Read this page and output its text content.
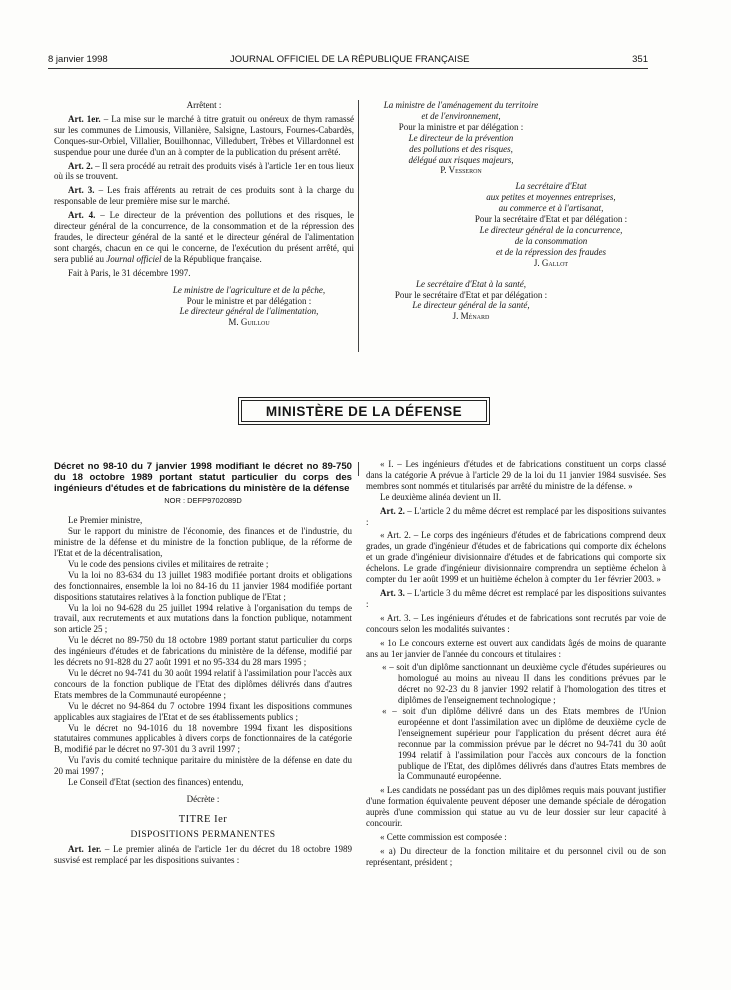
8 janvier 1998	JOURNAL OFFICIEL DE LA RÉPUBLIQUE FRANÇAISE	351

Arrêtent :

Art. 1er. – La mise sur le marché à titre gratuit ou onéreux de thym ramassé sur les communes de Limousis, Villanière, Salsigne, Lastours, Fournes-Cabardès, Conques-sur-Orbiel, Villalier, Bouilhonnac, Villedubert, Trèbes et Villardonnel est suspendue pour une durée d'un an à compter de la publication du présent arrêté.

Art. 2. – Il sera procédé au retrait des produits visés à l'article 1er en tous lieux où ils se trouvent.

Art. 3. – Les frais afférents au retrait de ces produits sont à la charge du responsable de leur première mise sur le marché.

Art. 4. – Le directeur de la prévention des pollutions et des risques, le directeur général de la concurrence, de la consommation et de la répression des fraudes, le directeur général de la santé et le directeur général de l'alimentation sont chargés, chacun en ce qui le concerne, de l'exécution du présent arrêté, qui sera publié au Journal officiel de la République française.

Fait à Paris, le 31 décembre 1997.

Le ministre de l'agriculture et de la pêche,

Pour le ministre et par délégation :

Le directeur général de l'alimentation,

M. Guillou

La ministre de l'aménagement du territoire

et de l'environnement,

Pour la ministre et par délégation :

Le directeur de la prévention

des pollutions et des risques,

délégué aux risques majeurs,

P. Vesseron

La secrétaire d'Etat

aux petites et moyennes entreprises,

au commerce et à l'artisanat,

Pour la secrétaire d'Etat et par délégation :

Le directeur général de la concurrence,

de la consommation

et de la répression des fraudes

J. Gallot

Le secrétaire d'Etat à la santé,

Pour le secrétaire d'Etat et par délégation :

Le directeur général de la santé,

J. Ménard

MINISTÈRE DE LA DÉFENSE

Décret no 98-10 du 7 janvier 1998 modifiant le décret no 89-750 du 18 octobre 1989 portant statut particulier du corps des ingénieurs d'études et de fabrications du ministère de la défense

NOR : DEFP9702089D

Le Premier ministre,

Sur le rapport du ministre de l'économie, des finances et de l'industrie, du ministre de la défense et du ministre de la fonction publique, de la réforme de l'Etat et de la décentralisation,

Vu le code des pensions civiles et militaires de retraite ;

Vu la loi no 83-634 du 13 juillet 1983 modifiée portant droits et obligations des fonctionnaires, ensemble la loi no 84-16 du 11 janvier 1984 modifiée portant dispositions statutaires relatives à la fonction publique de l'Etat ;

Vu la loi no 94-628 du 25 juillet 1994 relative à l'organisation du temps de travail, aux recrutements et aux mutations dans la fonction publique, notamment son article 25 ;

Vu le décret no 89-750 du 18 octobre 1989 portant statut particulier du corps des ingénieurs d'études et de fabrications du ministère de la défense, modifié par les décrets no 91-828 du 27 août 1991 et no 95-334 du 28 mars 1995 ;

Vu le décret no 94-741 du 30 août 1994 relatif à l'assimilation pour l'accès aux concours de la fonction publique de l'Etat des diplômes délivrés dans d'autres Etats membres de la Communauté européenne ;

Vu le décret no 94-864 du 7 octobre 1994 fixant les dispositions communes applicables aux stagiaires de l'Etat et de ses établissements publics ;

Vu le décret no 94-1016 du 18 novembre 1994 fixant les dispositions statutaires communes applicables à divers corps de fonctionnaires de la catégorie B, modifié par le décret no 97-301 du 3 avril 1997 ;

Vu l'avis du comité technique paritaire du ministère de la défense en date du 20 mai 1997 ;

Le Conseil d'Etat (section des finances) entendu,

Décrète :

TITRE Ier

DISPOSITIONS PERMANENTES

Art. 1er. – Le premier alinéa de l'article 1er du décret du 18 octobre 1989 susvisé est remplacé par les dispositions suivantes :

« I. – Les ingénieurs d'études et de fabrications constituent un corps classé dans la catégorie A prévue à l'article 29 de la loi du 11 janvier 1984 susvisée. Ses membres sont nommés et titularisés par arrêté du ministre de la défense. »

Le deuxième alinéa devient un II.

Art. 2. – L'article 2 du même décret est remplacé par les dispositions suivantes :

« Art. 2. – Le corps des ingénieurs d'études et de fabrications comprend deux grades, un grade d'ingénieur d'études et de fabrications qui comporte dix échelons et un grade d'ingénieur divisionnaire d'études et de fabrications qui comporte six échelons. Le grade d'ingénieur divisionnaire comprendra un septième échelon à compter du 1er août 1999 et un huitième échelon à compter du 1er février 2003. »

Art. 3. – L'article 3 du même décret est remplacé par les dispositions suivantes :

« Art. 3. – Les ingénieurs d'études et de fabrications sont recrutés par voie de concours selon les modalités suivantes :

« 1o Le concours externe est ouvert aux candidats âgés de moins de quarante ans au 1er janvier de l'année du concours et titulaires :

« – soit d'un diplôme sanctionnant un deuxième cycle d'études supérieures ou homologué au moins au niveau II dans les conditions prévues par le décret no 92-23 du 8 janvier 1992 relatif à l'homologation des titres et diplômes de l'enseignement technologique ;

« – soit d'un diplôme délivré dans un des Etats membres de l'Union européenne et dont l'assimilation avec un diplôme de deuxième cycle de l'enseignement supérieur pour l'application du présent décret aura été reconnue par la commission prévue par le décret no 94-741 du 30 août 1994 relatif à l'assimilation pour l'accès aux concours de la fonction publique de l'Etat, des diplômes délivrés dans d'autres Etats membres de la Communauté européenne.

« Les candidats ne possédant pas un des diplômes requis mais pouvant justifier d'une formation équivalente peuvent déposer une demande spéciale de dérogation auprès d'une commission qui statue au vu de leur dossier sur leur capacité à concourir.

« Cette commission est composée :

« a) Du directeur de la fonction militaire et du personnel civil ou de son représentant, président ;
